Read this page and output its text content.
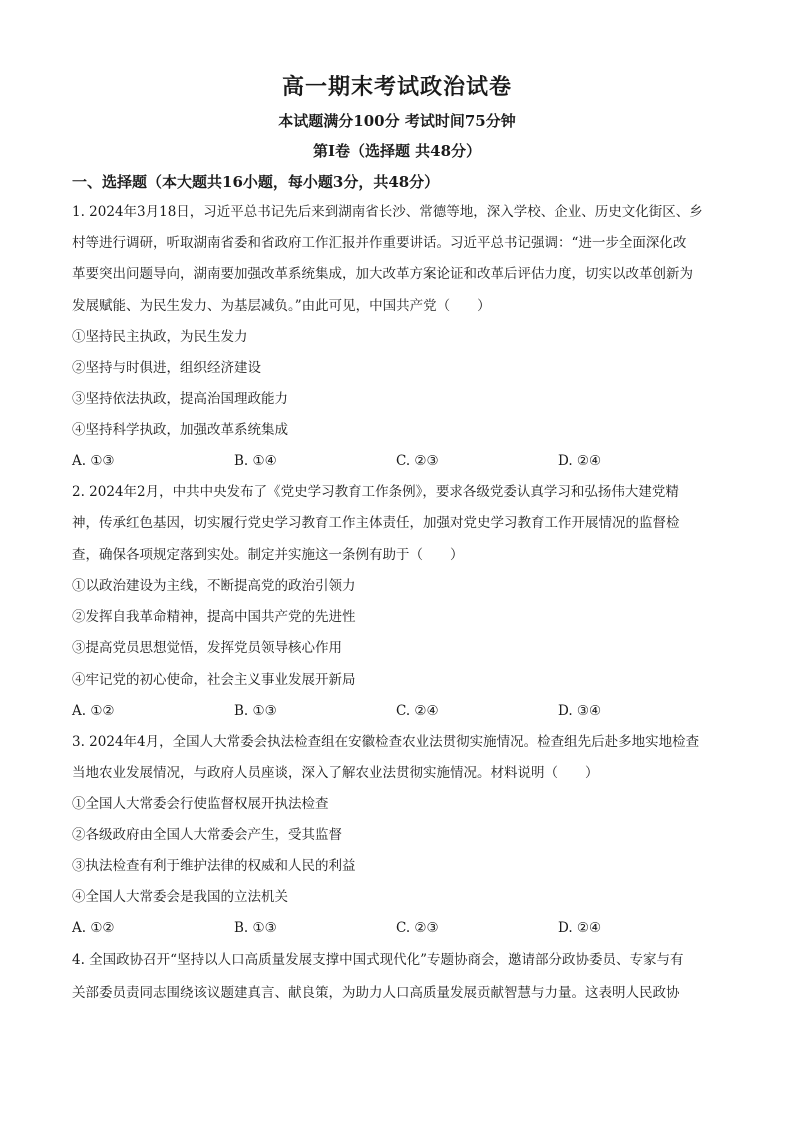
高一期末考试政治试卷
本试题满分100分 考试时间75分钟
第Ⅰ卷（选择题 共48分）
一、选择题（本大题共16小题，每小题3分，共48分）
1. 2024年3月18日，习近平总书记先后来到湖南省长沙、常德等地，深入学校、企业、历史文化街区、乡
村等进行调研，听取湖南省委和省政府工作汇报并作重要讲话。习近平总书记强调：“进一步全面深化改
革要突出问题导向，湖南要加强改革系统集成，加大改革方案论证和改革后评估力度，切实以改革创新为
发展赋能、为民生发力、为基层减负。”由此可见，中国共产党（　　）
①坚持民主执政，为民生发力
②坚持与时俱进，组织经济建设
③坚持依法执政，提高治国理政能力
④坚持科学执政，加强改革系统集成
A. ①③	B. ①④	C. ②③	D. ②④
2. 2024年2月，中共中央发布了《党史学习教育工作条例》，要求各级党委认真学习和弘扬伟大建党精
神，传承红色基因，切实履行党史学习教育工作主体责任，加强对党史学习教育工作开展情况的监督检
查，确保各项规定落到实处。制定并实施这一条例有助于（　　）
①以政治建设为主线，不断提高党的政治引领力
②发挥自我革命精神，提高中国共产党的先进性
③提高党员思想觉悟，发挥党员领导核心作用
④牢记党的初心使命，社会主义事业发展开新局
A. ①②	B. ①③	C. ②④	D. ③④
3. 2024年4月，全国人大常委会执法检查组在安徽检查农业法贯彻实施情况。检查组先后赴多地实地检查
当地农业发展情况，与政府人员座谈，深入了解农业法贯彻实施情况。材料说明（　　）
①全国人大常委会行使监督权展开执法检查
②各级政府由全国人大常委会产生，受其监督
③执法检查有利于维护法律的权威和人民的利益
④全国人大常委会是我国的立法机关
A. ①②	B. ①③	C. ②③	D. ②④
4. 全国政协召开“坚持以人口高质量发展支撑中国式现代化”专题协商会，邀请部分政协委员、专家与有
关部委员责同志围绕该议题建真言、献良策，为助力人口高质量发展贡献智慧与力量。这表明人民政协
